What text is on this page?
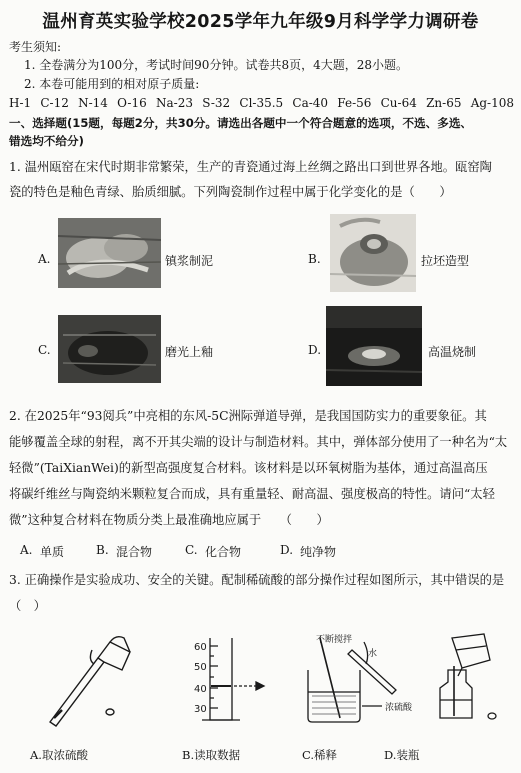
温州育英实验学校2025学年九年级9月科学学力调研卷
考生须知:
1. 全卷满分为100分，考试时间90分钟。试卷共8页，4大题，28小题。
2. 本卷可能用到的相对原子质量:
H-1 C-12 N-14 O-16 Na-23 S-32 Cl-35.5 Ca-40 Fe-56 Cu-64 Zn-65 Ag-108
一、选择题(15题，每题2分，共30分。请选出各题中一个符合题意的选项，不选、多选、
错选均不给分)
1. 温州瓯窑在宋代时期非常繁荣，生产的青瓷通过海上丝绸之路出口到世界各地。瓯窑陶
瓷的特色是釉色青绿、胎质细腻。下列陶瓷制作过程中属于化学变化的是（　　）
A.	镇浆制泥	B.	拉坯造型
C.	磨光上釉	D.	高温烧制
2. 在2025年“93阅兵”中亮相的东风-5C洲际弹道导弹，是我国国防实力的重要象征。其
能够覆盖全球的射程，离不开其尖端的设计与制造材料。其中，弹体部分使用了一种名为“太
轻微”(TaiXianWei)的新型高强度复合材料。该材料是以环氧树脂为基体，通过高温高压
将碳纤维丝与陶瓷纳米颗粒复合而成，具有重量轻、耐高温、强度极高的特性。请问“太轻
微”这种复合材料在物质分类上最准确地应属于　　（　　）
A. 单质	B. 混合物	C. 化合物	D. 纯净物
3. 正确操作是实验成功、安全的关键。配制稀硫酸的部分操作过程如图所示，其中错误的是
（　）
60
50
40
30
不断搅拌
水
浓硫酸
A.取浓硫酸	B.读取数据	C.稀释	D.装瓶
